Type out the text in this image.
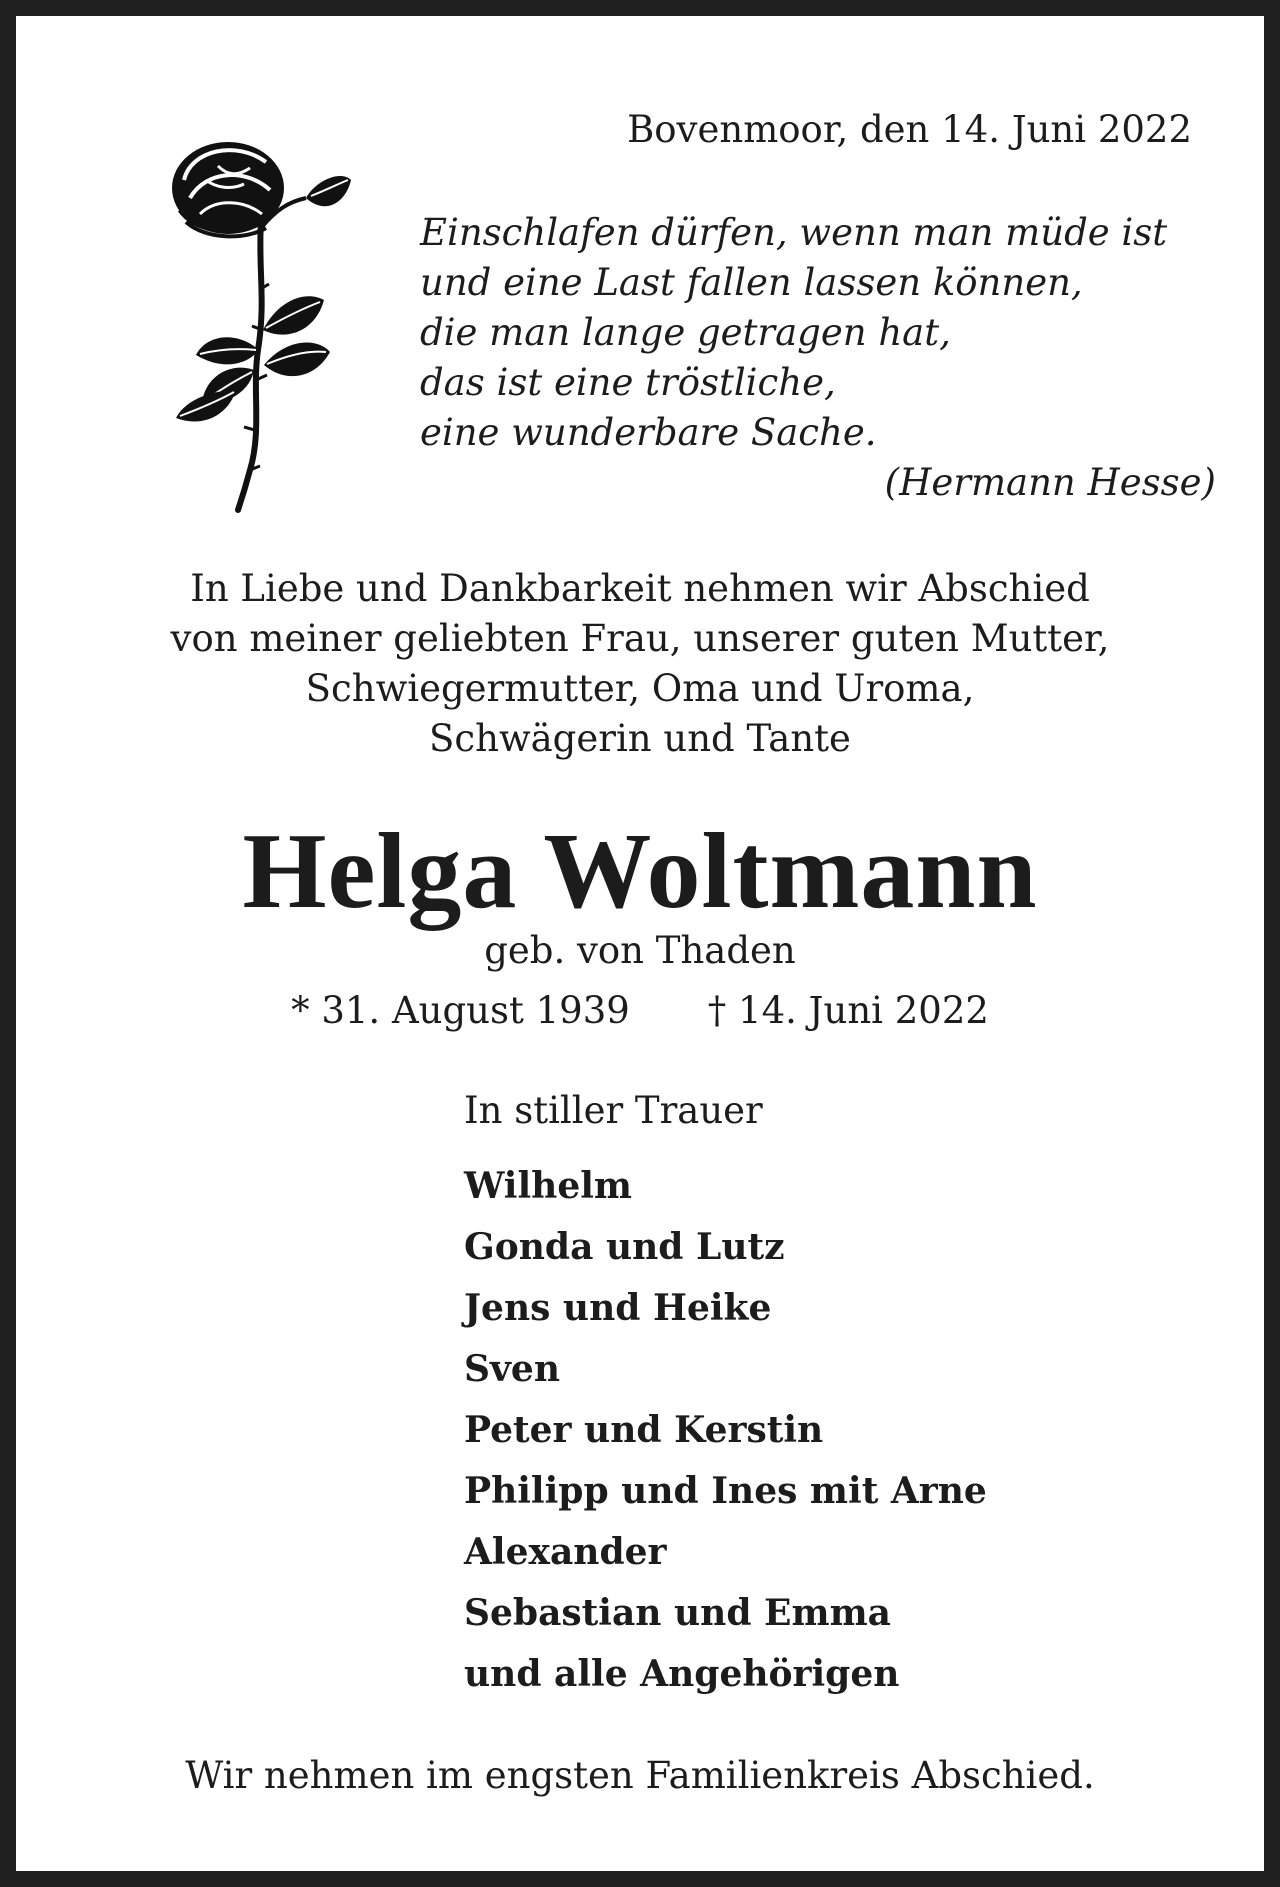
Bovenmoor, den 14. Juni 2022
Einschlafen dürfen, wenn man müde ist
und eine Last fallen lassen können,
die man lange getragen hat,
das ist eine tröstliche,
eine wunderbare Sache.
(Hermann Hesse)
In Liebe und Dankbarkeit nehmen wir Abschied
von meiner geliebten Frau, unserer guten Mutter,
Schwiegermutter, Oma und Uroma,
Schwägerin und Tante
Helga Woltmann
geb. von Thaden
* 31. August 1939 † 14. Juni 2022
In stiller Trauer
Wilhelm
Gonda und Lutz
Jens und Heike
Sven
Peter und Kerstin
Philipp und Ines mit Arne
Alexander
Sebastian und Emma
und alle Angehörigen
Wir nehmen im engsten Familienkreis Abschied.
